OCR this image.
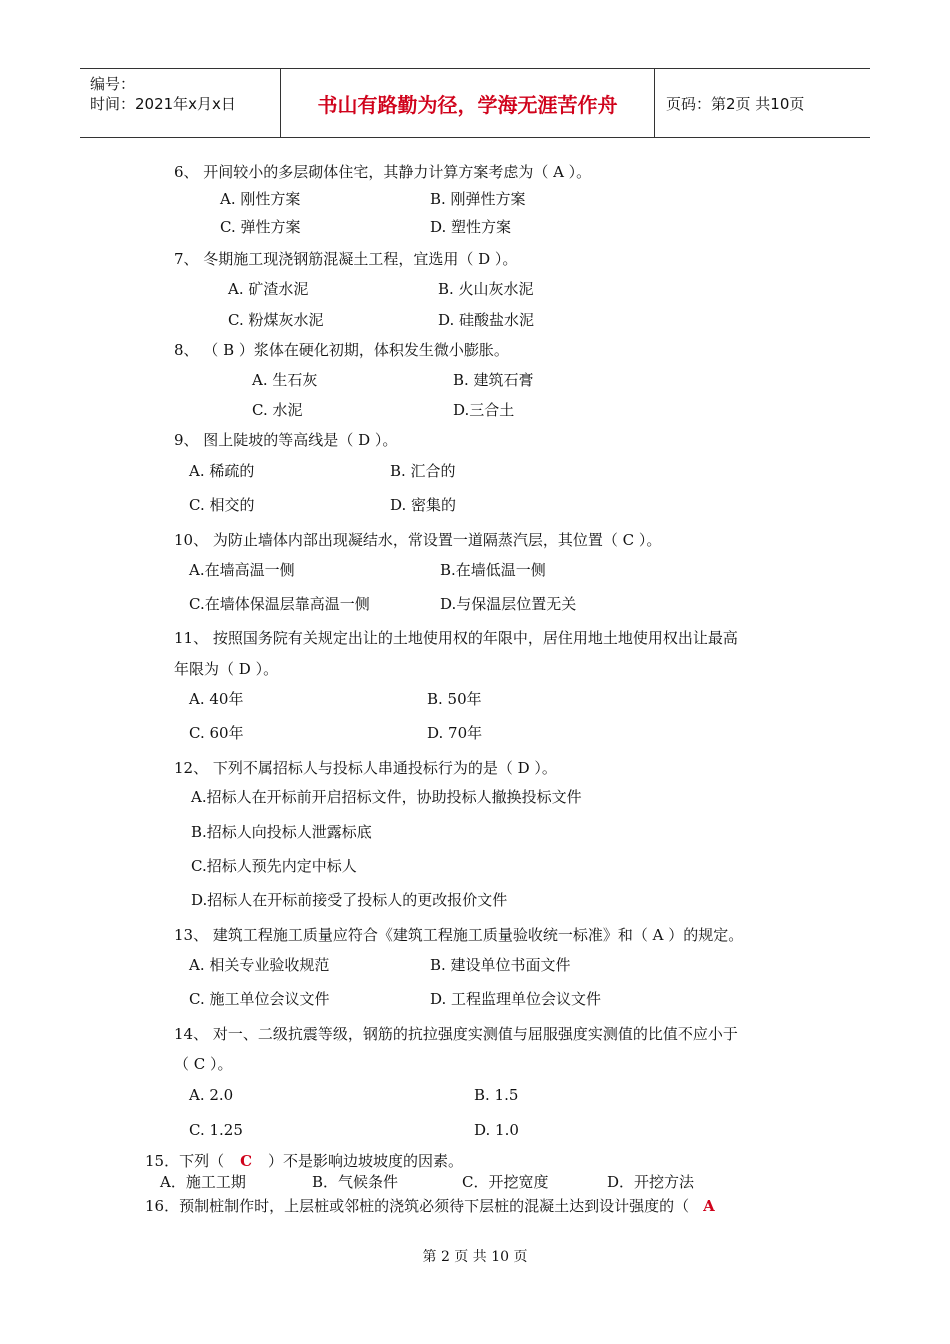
编号：
时间：2021年x月x日	书山有路勤为径，学海无涯苦作舟	页码：第2页 共10页
6、 开间较小的多层砌体住宅，其静力计算方案考虑为（ A ）。
A. 刚性方案	B. 刚弹性方案
C. 弹性方案	D. 塑性方案
7、 冬期施工现浇钢筋混凝土工程，宜选用（ D ）。
A. 矿渣水泥	B. 火山灰水泥
C. 粉煤灰水泥	D. 硅酸盐水泥
8、 （ B ）浆体在硬化初期，体积发生微小膨胀。
A. 生石灰	B. 建筑石膏
C. 水泥	D.三合土
9、 图上陡坡的等高线是（ D ）。
A. 稀疏的	B. 汇合的
C. 相交的	D. 密集的
10、 为防止墙体内部出现凝结水，常设置一道隔蒸汽层，其位置（ C ）。
A.在墙高温一侧	B.在墙低温一侧
C.在墙体保温层靠高温一侧	D.与保温层位置无关
11、 按照国务院有关规定出让的土地使用权的年限中，居住用地土地使用权出让最高
年限为（ D ）。
A. 40年	B. 50年
C. 60年	D. 70年
12、 下列不属招标人与投标人串通投标行为的是（ D ）。
A.招标人在开标前开启招标文件，协助投标人撤换投标文件
B.招标人向投标人泄露标底
C.招标人预先内定中标人
D.招标人在开标前接受了投标人的更改报价文件
13、 建筑工程施工质量应符合《建筑工程施工质量验收统一标准》和（ A ）的规定。
A. 相关专业验收规范	B. 建设单位书面文件
C. 施工单位会议文件	D. 工程监理单位会议文件
14、 对一、二级抗震等级，钢筋的抗拉强度实测值与屈服强度实测值的比值不应小于
（ C ）。
A. 2.0	B. 1.5
C. 1.25	D. 1.0
15．下列（ C ）不是影响边坡坡度的因素。
A．施工工期	B．气候条件	C．开挖宽度	D．开挖方法
16．预制桩制作时，上层桩或邻桩的浇筑必须待下层桩的混凝土达到设计强度的（ A
第 2 页 共 10 页
